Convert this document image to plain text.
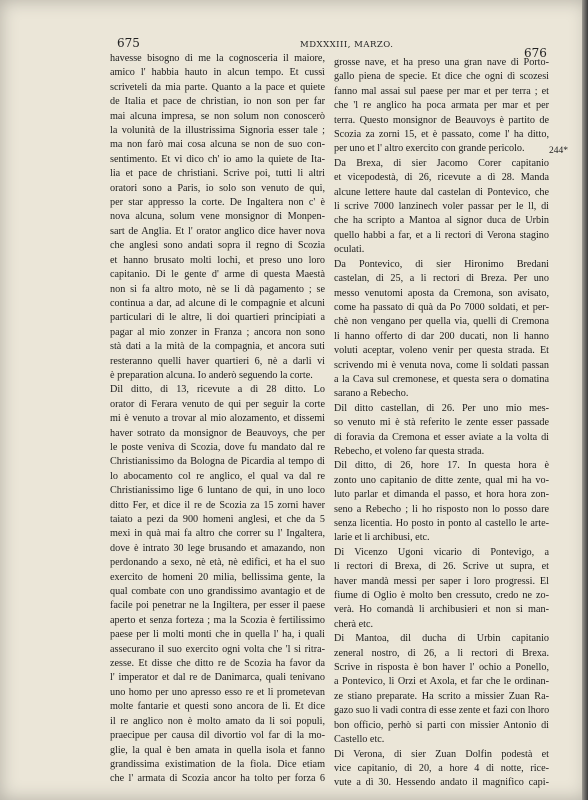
675	MDXXXIII, MARZO.
676
havesse bisogno di me la cognosceria il maiore,
amico l' habbia hauto in alcun tempo. Et cussì
scriveteli da mia parte. Quanto a la pace et quiete
de Italia et pace de christian, io non son per far
mai alcuna impresa, se non solum non conoscerò
la volunità de la illustrissima Signoria esser tale ;
ma non farò mai cosa alcuna se non de suo con-
sentimento. Et vi dico ch' io amo la quiete de Ita-
lia et pace de christiani. Scrive poi, tutti li altri
oratori sono a Paris, io solo son venuto de qui,
per star appresso la corte. De Ingaltera non c' è
nova alcuna, solum vene monsignor di Monpen-
sart de Anglia. Et l' orator anglico dice haver nova
che anglesi sono andati sopra il regno di Scozia
et hanno brusato molti lochi, et preso uno loro
capitanio. Di le gente d' arme di questa Maestà
non si fa altro moto, nè se li dà pagamento ; se
continua a dar, ad alcune di le compagnie et alcuni
particulari di le altre, li doi quartieri principiati a
pagar al mio zonzer in Franza ; ancora non sono
stà dati a la mità de la compagnia, et ancora suti
resteranno quelli haver quartieri 6, nè a darli vi
è preparation alcuna. Io anderò seguendo la corte.
Dil ditto, di 13, ricevute a dì 28 ditto. Lo
orator di Ferara venuto de qui per seguir la corte
mi è venuto a trovar al mio alozamento, et dissemi
haver sotrato da monsignor de Beauvoys, che per
le poste veniva di Scozia, dove fu mandato dal re
Christianissimo da Bologna de Picardia al tempo di
lo abocamento col re anglico, el qual va dal re
Christianissimo lige 6 luntano de qui, in uno loco
ditto Fer, et dice il re de Scozia za 15 zorni haver
taiato a pezi da 900 homeni anglesi, et che da 5
mexi in quà mai fa altro che correr su l' Ingaltera,
dove è intrato 30 lege brusando et amazando, non
perdonando a sexo, nè età, nè edifici, et ha el suo
exercito de homeni 20 milia, bellissima gente, la
qual combate con uno grandissimo avantagio et de
facile poi penetrar ne la Ingiltera, per esser il paese
aperto et senza forteza ; ma la Scozia è fertilissimo
paese per li molti monti che in quella l' ha, i quali
assecurano il suo exercito ogni volta che 'l si ritra-
zesse. Et disse che ditto re de Scozia ha favor da
l' imperator et dal re de Danimarca, quali tenivano
uno homo per uno apresso esso re et li prometevan
molte fantarie et questi sono ancora de lì. Et dice
il re anglico non è molto amato da li soi populi,
praecipue per causa dil divortio vol far di la mo-
glie, la qual è ben amata in quella isola et fanno
grandissima existimation de la fiola. Dice etiam
che l' armata di Scozia ancor ha tolto per forza 6
grosse nave, et ha preso una gran nave di Porto-
gallo piena de specie. Et dice che ogni dì scozesi
fanno mal assai sul paese per mar et per terra ; et
che 'l re anglico ha poca armata per mar et per
terra. Questo monsignor de Beauvoys è partito de
Scozia za zorni 15, et è passato, come l' ha ditto,
per uno et l' altro exercito con grande pericolo.
Da Brexa, di sier Jacomo Corer capitanio
et vicepodestà, di 26, ricevute a dì 28. Manda
alcune lettere haute dal castelan di Pontevico, che
li scrive 7000 lanzinech voler passar per le ll, di
che ha scripto a Mantoa al signor duca de Urbin
quello habbi a far, et a li rectori di Verona stagino
oculati.
Da Pontevico, di sier Hironimo Bredani
castelan, di 25, a li rectori di Breza. Per uno
messo venutomi aposta da Cremona, son avisato,
come ha passato di quà da Po 7000 soldati, et per-
chè non vengano per quella via, quelli di Cremona
li hanno offerto di dar 200 ducati, non li hanno
voluti aceptar, voleno venir per questa strada. Et
scrivendo mi è venuta nova, come li soldati passan
a la Cava sul cremonese, et questa sera o domatina
sarano a Rebecho.
Dil ditto castellan, di 26. Per uno mio mes-
so venuto mi è stà referito le zente esser passade
di foravia da Cremona et esser aviate a la volta di
Rebecho, et voleno far questa strada.
Dil ditto, di 26, hore 17. In questa hora è
zonto uno capitanio de ditte zente, qual mi ha vo-
luto parlar et dimanda el passo, et hora hora zon-
seno a Rebecho ; li ho risposto non lo posso dare
senza licentia. Ho posto in ponto al castello le arte-
larie et li archibusi, etc.
Di Vicenzo Ugoni vicario di Pontevigo, a
li rectori di Brexa, di 26. Scrive ut supra, et
haver mandà messi per saper i loro progressi. El
fiume di Oglio è molto ben cressuto, credo ne zo-
verà. Ho comandà li archibusieri et non si man-
cherà etc.
Di Mantoa, dil ducha di Urbin capitanio
zeneral nostro, di 26, a li rectori di Brexa.
Scrive in risposta è bon haver l' ochio a Ponello,
a Pontevico, li Orzi et Axola, et far che le ordinan-
ze stiano preparate. Ha scrito a missier Zuan Ra-
gazo suo li vadi contra di esse zente et fazi con lhoro
bon officio, perhò si parti con missier Antonio di
Castello etc.
Di Verona, di sier Zuan Dolfin podestà et
vice capitanio, di 20, a hore 4 di notte, rice-
vute a dì 30. Hessendo andato il magnifico capi-
244*
